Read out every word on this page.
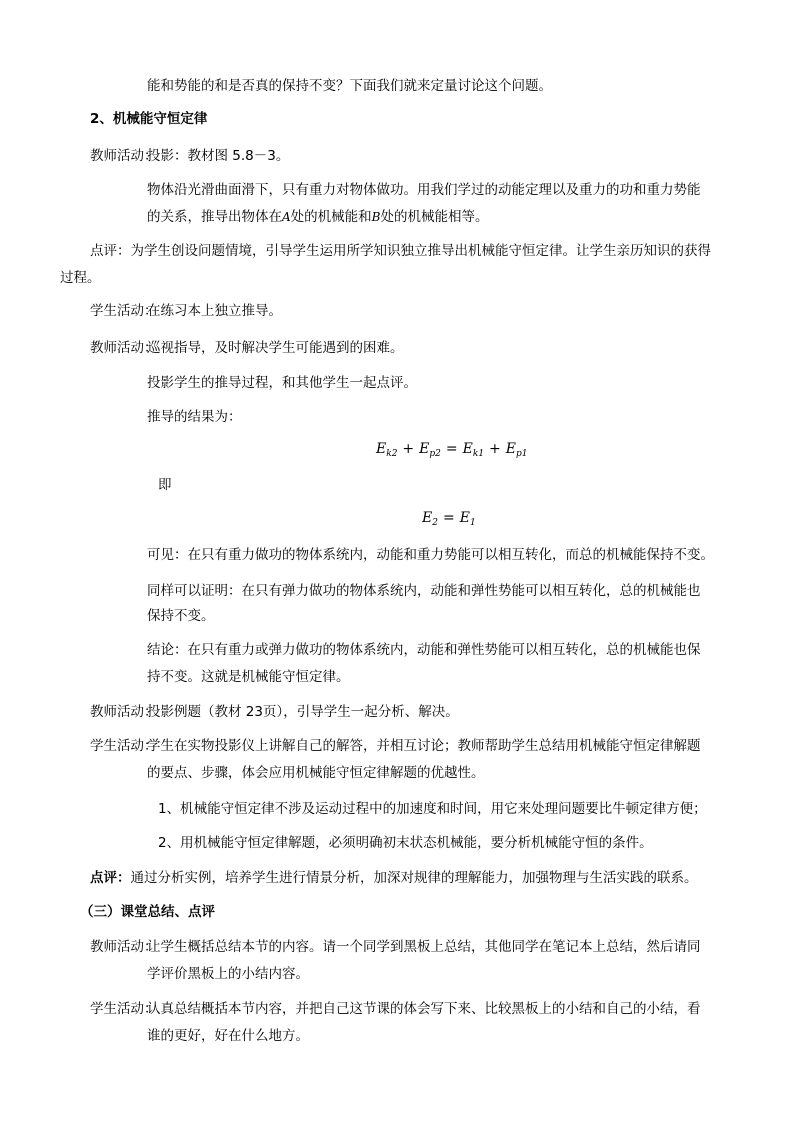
能和势能的和是否真的保持不变？下面我们就来定量讨论这个问题。
2、机械能守恒定律
教师活动：投影：教材图 5.8－3。
物体沿光滑曲面滑下，只有重力对物体做功。用我们学过的动能定理以及重力的功和重力势能
的关系，推导出物体在A处的机械能和B处的机械能相等。
点评：为学生创设问题情境，引导学生运用所学知识独立推导出机械能守恒定律。让学生亲历知识的获得
过程。
学生活动：在练习本上独立推导。
教师活动：巡视指导，及时解决学生可能遇到的困难。
投影学生的推导过程，和其他学生一起点评。
推导的结果为：
$E_{k2} + E_{p2} = E_{k1} + E_{p1}$
即
$E_2 = E_1$
可见：在只有重力做功的物体系统内，动能和重力势能可以相互转化，而总的机械能保持不变。
同样可以证明：在只有弹力做功的物体系统内，动能和弹性势能可以相互转化，总的机械能也
保持不变。
结论：在只有重力或弹力做功的物体系统内，动能和弹性势能可以相互转化，总的机械能也保
持不变。这就是机械能守恒定律。
教师活动：投影例题（教材 23页），引导学生一起分析、解决。
学生活动：学生在实物投影仪上讲解自己的解答，并相互讨论；教师帮助学生总结用机械能守恒定律解题
的要点、步骤，体会应用机械能守恒定律解题的优越性。
1、机械能守恒定律不涉及运动过程中的加速度和时间，用它来处理问题要比牛顿定律方便；
2、用机械能守恒定律解题，必须明确初末状态机械能，要分析机械能守恒的条件。
点评：通过分析实例，培养学生进行情景分析，加深对规律的理解能力，加强物理与生活实践的联系。
（三）课堂总结、点评
教师活动：让学生概括总结本节的内容。请一个同学到黑板上总结，其他同学在笔记本上总结，然后请同
学评价黑板上的小结内容。
学生活动：认真总结概括本节内容，并把自己这节课的体会写下来、比较黑板上的小结和自己的小结，看
谁的更好，好在什么地方。
